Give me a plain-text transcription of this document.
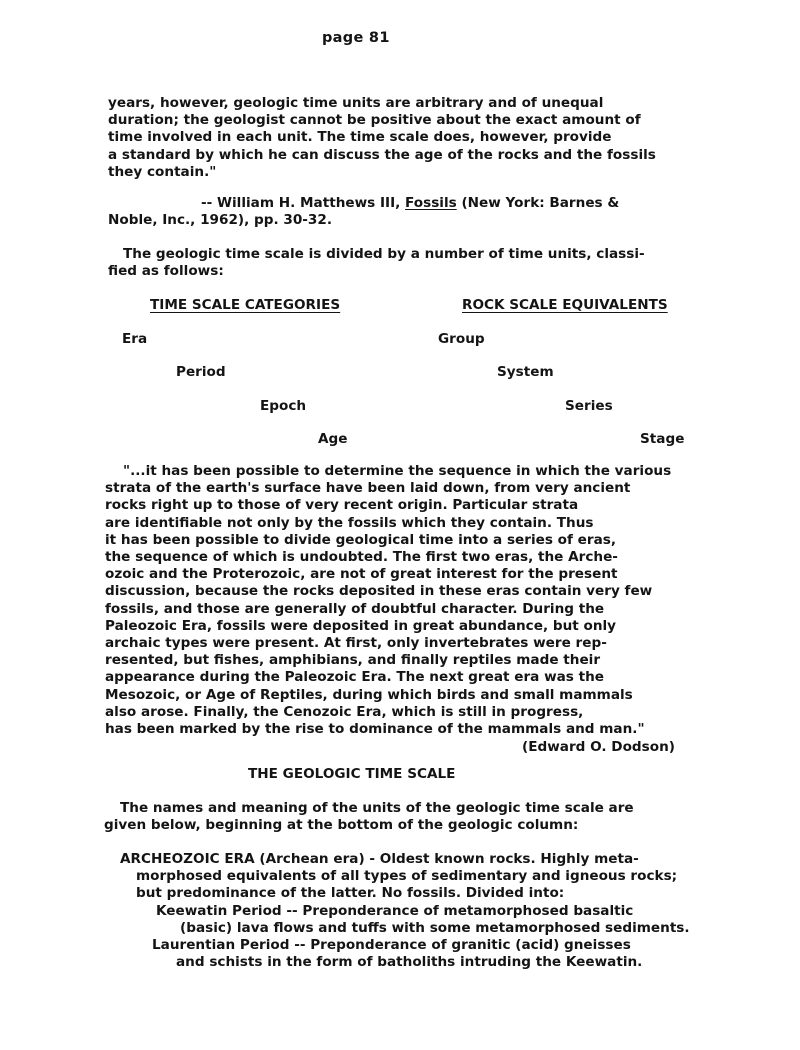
page 81
years, however, geologic time units are arbitrary and of unequal
duration; the geologist cannot be positive about the exact amount of
time involved in each unit. The time scale does, however, provide
a standard by which he can discuss the age of the rocks and the fossils
they contain."
-- William H. Matthews III, Fossils (New York: Barnes &
Noble, Inc., 1962), pp. 30-32.
The geologic time scale is divided by a number of time units, classi-
fied as follows:
TIME SCALE CATEGORIES	ROCK SCALE EQUIVALENTS
Era
Period
Epoch
Age
Group
System
Series
Stage
"...it has been possible to determine the sequence in which the various
strata of the earth's surface have been laid down, from very ancient
rocks right up to those of very recent origin. Particular strata
are identifiable not only by the fossils which they contain. Thus
it has been possible to divide geological time into a series of eras,
the sequence of which is undoubted. The first two eras, the Arche-
ozoic and the Proterozoic, are not of great interest for the present
discussion, because the rocks deposited in these eras contain very few
fossils, and those are generally of doubtful character. During the
Paleozoic Era, fossils were deposited in great abundance, but only
archaic types were present. At first, only invertebrates were rep-
resented, but fishes, amphibians, and finally reptiles made their
appearance during the Paleozoic Era. The next great era was the
Mesozoic, or Age of Reptiles, during which birds and small mammals
also arose. Finally, the Cenozoic Era, which is still in progress,
has been marked by the rise to dominance of the mammals and man."
(Edward O. Dodson)
THE GEOLOGIC TIME SCALE
The names and meaning of the units of the geologic time scale are
given below, beginning at the bottom of the geologic column:
ARCHEOZOIC ERA (Archean era) - Oldest known rocks. Highly meta-
morphosed equivalents of all types of sedimentary and igneous rocks;
but predominance of the latter. No fossils. Divided into:
Keewatin Period -- Preponderance of metamorphosed basaltic
(basic) lava flows and tuffs with some metamorphosed sediments.
Laurentian Period -- Preponderance of granitic (acid) gneisses
and schists in the form of batholiths intruding the Keewatin.
